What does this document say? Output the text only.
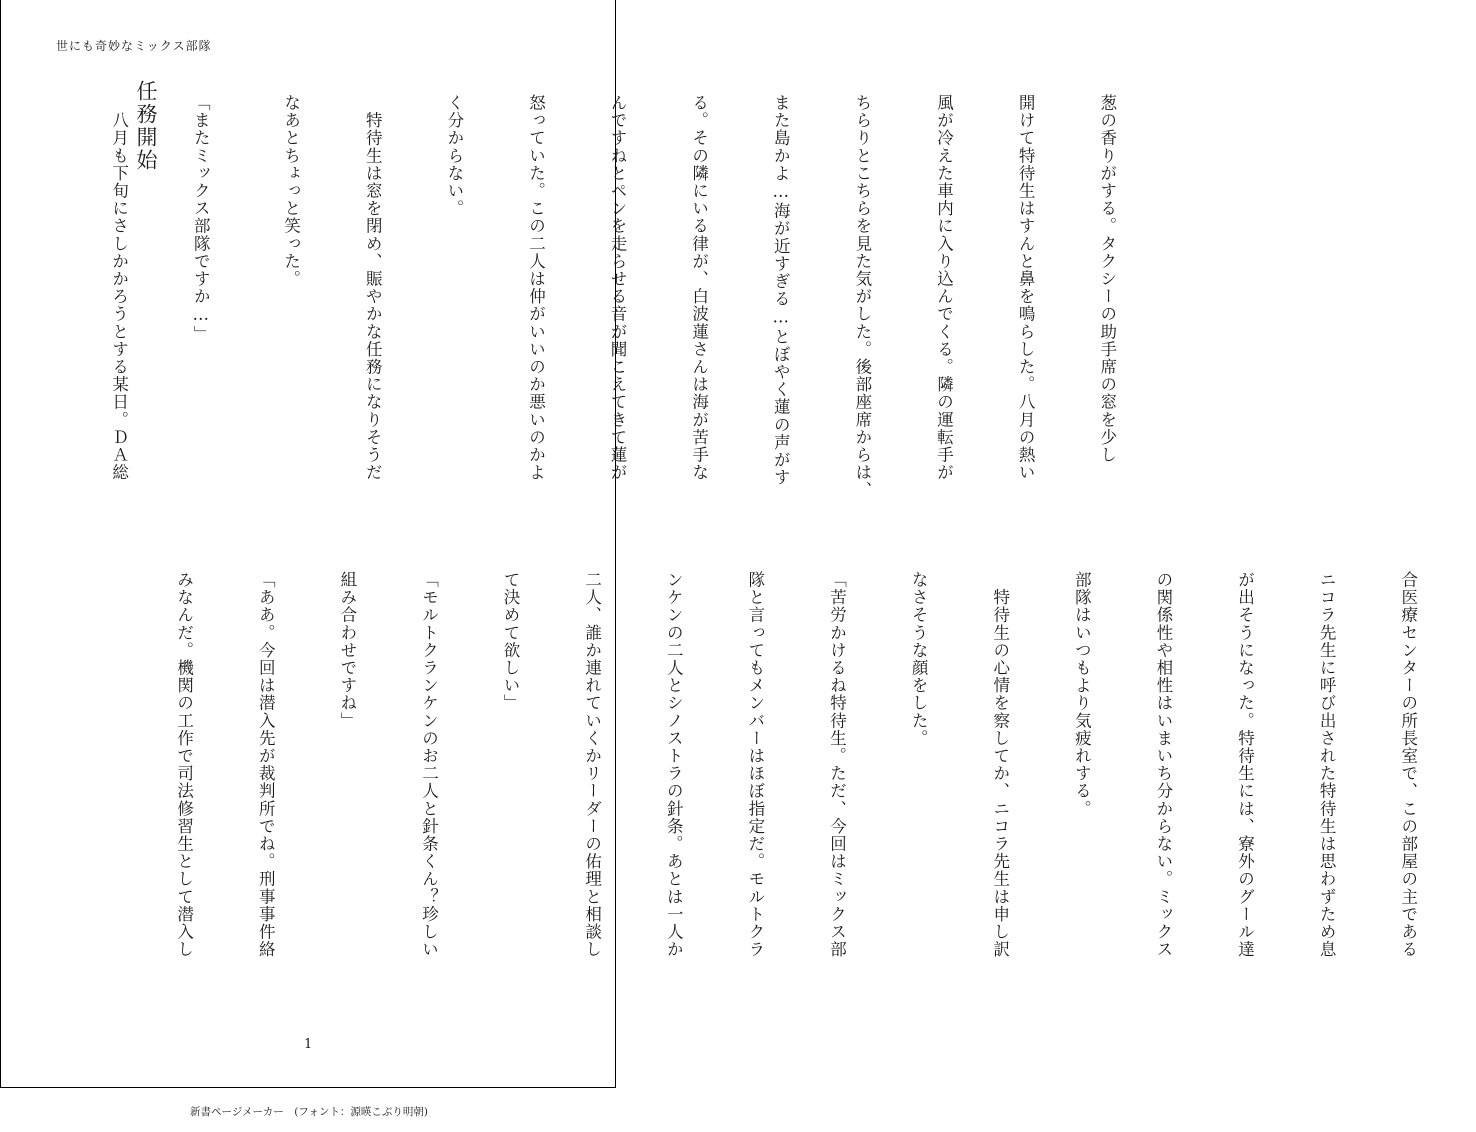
世にも奇妙なミックス部隊

葱の香りがする。タクシーの助手席の窓を少し

開けて特待生はすんと鼻を鳴らした。八月の熱い

風が冷えた車内に入り込んでくる。隣の運転手が

ちらりとこちらを見た気がした。後部座席からは、

また島かよ…海が近すぎる…とぼやく蓮の声がす

る。その隣にいる律が、白波蓮さんは海が苦手な

んですねとペンを走らせる音が聞こえてきて蓮が

怒っていた。この二人は仲がいいのか悪いのかよ

く分からない。

　特待生は窓を閉め、賑やかな任務になりそうだ

なあとちょっと笑った。

任務開始

「またミックス部隊ですか…」

　八月も下旬にさしかかろうとする某日。ＤＡ総

合医療センターの所長室で、この部屋の主である

ニコラ先生に呼び出された特待生は思わずため息

が出そうになった。特待生には、寮外のグール達

の関係性や相性はいまいち分からない。ミックス

部隊はいつもより気疲れする。

　特待生の心情を察してか、ニコラ先生は申し訳

なさそうな顔をした。

「苦労かけるね特待生。ただ、今回はミックス部

隊と言ってもメンバーはほぼ指定だ。モルトクラ

ンケンの二人とシノストラの針条。あとは一人か

二人、誰か連れていくかリーダーの佑理と相談し

て決めて欲しい」

「モルトクランケンのお二人と針条くん？珍しい

組み合わせですね」

「ああ。今回は潜入先が裁判所でね。刑事事件絡

みなんだ。機関の工作で司法修習生として潜入し

1
新書ページメーカー　(フォント：源暎こぶり明朝)
